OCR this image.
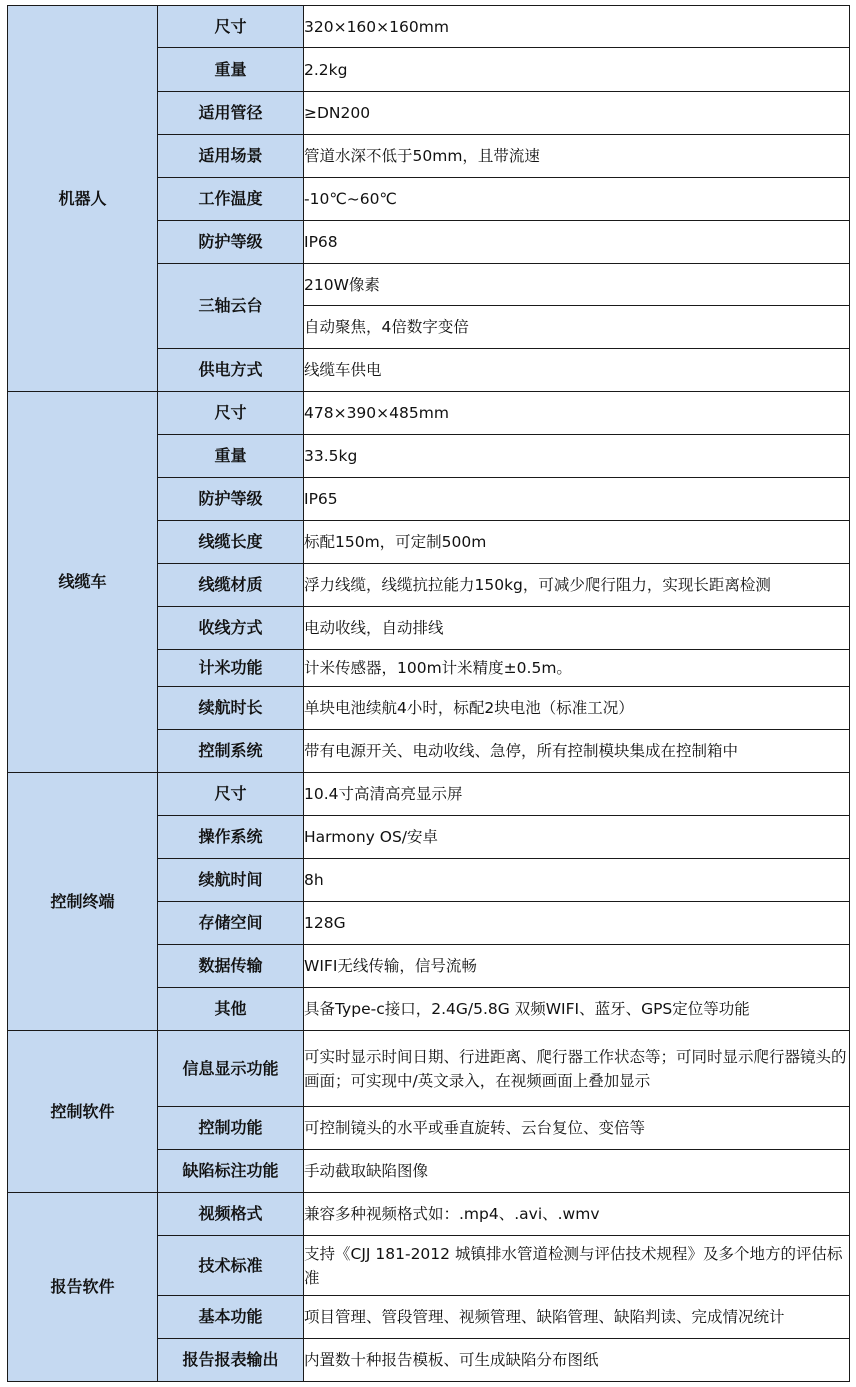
机器人	尺寸	320×160×160mm
	重量	2.2kg
	适用管径	≥DN200
	适用场景	管道水深不低于50mm，且带流速
	工作温度	-10℃~60℃
	防护等级	IP68
	三轴云台	210W像素
		自动聚焦，4倍数字变倍
	供电方式	线缆车供电
线缆车	尺寸	478×390×485mm
	重量	33.5kg
	防护等级	IP65
	线缆长度	标配150m，可定制500m
	线缆材质	浮力线缆，线缆抗拉能力150kg，可减少爬行阻力，实现长距离检测
	收线方式	电动收线，自动排线
	计米功能	计米传感器，100m计米精度±0.5m。
	续航时长	单块电池续航4小时，标配2块电池（标准工况）
	控制系统	带有电源开关、电动收线、急停，所有控制模块集成在控制箱中
控制终端	尺寸	10.4寸高清高亮显示屏
	操作系统	Harmony OS/安卓
	续航时间	8h
	存储空间	128G
	数据传输	WIFI无线传输，信号流畅
	其他	具备Type-c接口，2.4G/5.8G 双频WIFI、蓝牙、GPS定位等功能
控制软件	信息显示功能	可实时显示时间日期、行进距离、爬行器工作状态等；可同时显示爬行器镜头的画面；可实现中/英文录入，在视频画面上叠加显示
	控制功能	可控制镜头的水平或垂直旋转、云台复位、变倍等
	缺陷标注功能	手动截取缺陷图像
报告软件	视频格式	兼容多种视频格式如：.mp4、.avi、.wmv
	技术标准	支持《CJJ 181-2012 城镇排水管道检测与评估技术规程》及多个地方的评估标准
	基本功能	项目管理、管段管理、视频管理、缺陷管理、缺陷判读、完成情况统计
	报告报表输出	内置数十种报告模板、可生成缺陷分布图纸
